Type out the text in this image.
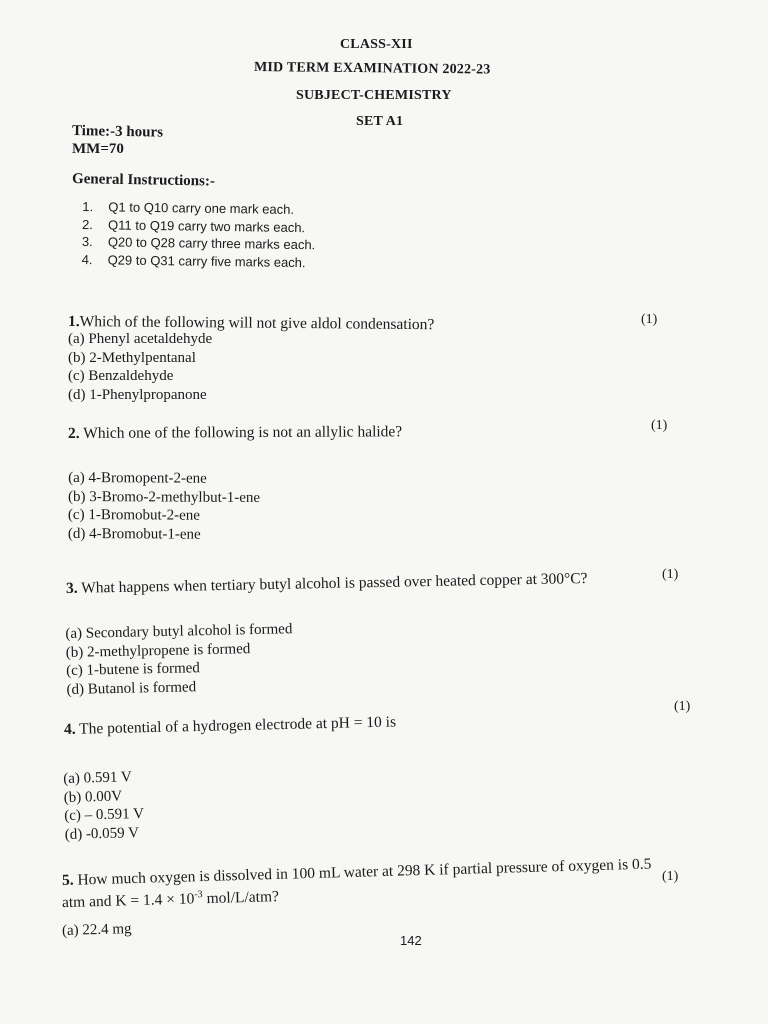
CLASS-XII
MID TERM EXAMINATION 2022-23
SUBJECT-CHEMISTRY
SET A1
Time:-3 hours
MM=70
General Instructions:-
1. Q1 to Q10 carry one mark each.
2. Q11 to Q19 carry two marks each.
3. Q20 to Q28 carry three marks each.
4. Q29 to Q31 carry five marks each.
1.Which of the following will not give aldol condensation?	(1)
(a) Phenyl acetaldehyde
(b) 2-Methylpentanal
(c) Benzaldehyde
(d) 1-Phenylpropanone
2. Which one of the following is not an allylic halide?	(1)
(a) 4-Bromopent-2-ene
(b) 3-Bromo-2-methylbut-1-ene
(c) 1-Bromobut-2-ene
(d) 4-Bromobut-1-ene
3. What happens when tertiary butyl alcohol is passed over heated copper at 300°C?	(1)
(a) Secondary butyl alcohol is formed
(b) 2-methylpropene is formed
(c) 1-butene is formed
(d) Butanol is formed
4. The potential of a hydrogen electrode at pH = 10 is
(1)
(a) 0.591 V
(b) 0.00V
(c) – 0.591 V
(d) -0.059 V
5. How much oxygen is dissolved in 100 mL water at 298 K if partial pressure of oxygen is 0.5 (1)
atm and $K = 1.4 \times 10^{-3}$ mol/L/atm?
(a) 22.4 mg
142
